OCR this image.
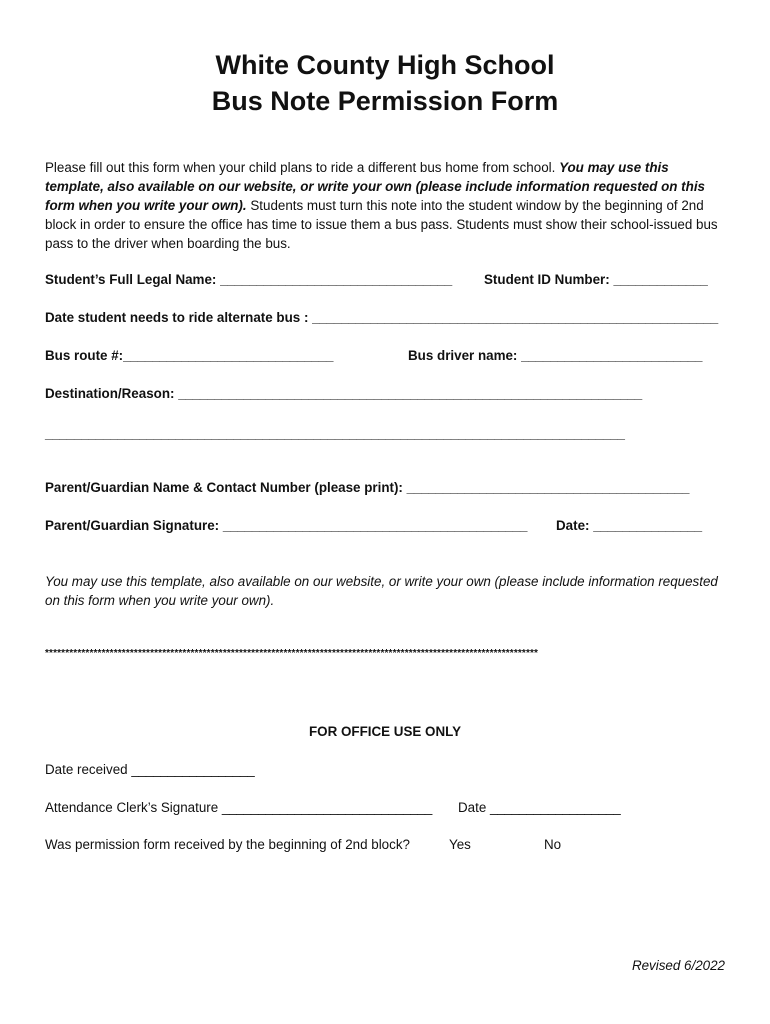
White County High School
Bus Note Permission Form
Please fill out this form when your child plans to ride a different bus home from school. You may use this template, also available on our website, or write your own (please include information requested on this form when you write your own). Students must turn this note into the student window by the beginning of 2nd block in order to ensure the office has time to issue them a bus pass. Students must show their school-issued bus pass to the driver when boarding the bus.
Student’s Full Legal Name: ________________________________ Student ID Number: _____________
Date student needs to ride alternate bus : ________________________________________________________
Bus route #:_____________________________	Bus driver name: _________________________
Destination/Reason: ________________________________________________________________
________________________________________________________________________________
Parent/Guardian Name & Contact Number (please print): _______________________________________
Parent/Guardian Signature: __________________________________________ Date: _______________
You may use this template, also available on our website, or write your own (please include information requested on this form when you write your own).
**************************************************************************************************************************
FOR OFFICE USE ONLY
Date received _________________
Attendance Clerk’s Signature _____________________________ Date __________________
Was permission form received by the beginning of 2nd block?	Yes	No
Revised 6/2022
